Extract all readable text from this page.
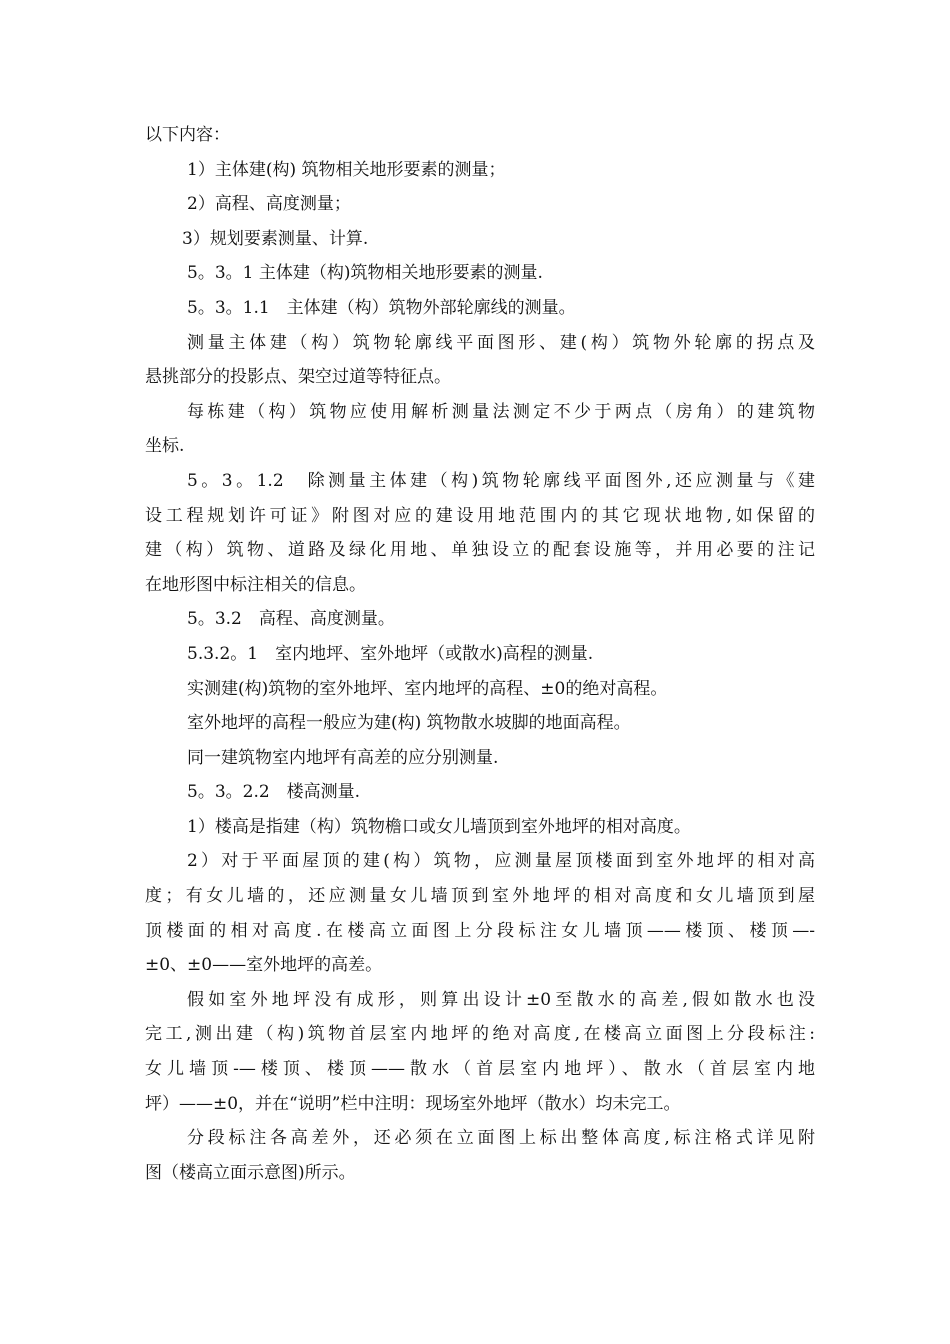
以下内容：
1）主体建(构) 筑物相关地形要素的测量；
2）高程、高度测量；
3）规划要素测量、计算.
5。3。1 主体建（构)筑物相关地形要素的测量.
5。3。1.1　主体建（构）筑物外部轮廓线的测量。
测量主体建（构）筑物轮廓线平面图形、建(构）筑物外轮廓的拐点及
悬挑部分的投影点、架空过道等特征点。
每栋建（构）筑物应使用解析测量法测定不少于两点（房角）的建筑物
坐标.
5。3。1.2　除测量主体建（构)筑物轮廓线平面图外,还应测量与《建
设工程规划许可证》附图对应的建设用地范围内的其它现状地物,如保留的
建（构）筑物、道路及绿化用地、单独设立的配套设施等，并用必要的注记
在地形图中标注相关的信息。
5。3.2　高程、高度测量。
5.3.2。1　室内地坪、室外地坪（或散水)高程的测量.
实测建(构)筑物的室外地坪、室内地坪的高程、±0的绝对高程。
室外地坪的高程一般应为建(构) 筑物散水坡脚的地面高程。
同一建筑物室内地坪有高差的应分别测量.
5。3。2.2　楼高测量.
1）楼高是指建（构）筑物檐口或女儿墙顶到室外地坪的相对高度。
2）对于平面屋顶的建(构）筑物，应测量屋顶楼面到室外地坪的相对高
度；有女儿墙的，还应测量女儿墙顶到室外地坪的相对高度和女儿墙顶到屋
顶楼面的相对高度.在楼高立面图上分段标注女儿墙顶——楼顶、楼顶—-
±0、±0——室外地坪的高差。
假如室外地坪没有成形，则算出设计±0至散水的高差,假如散水也没
完工,测出建（构)筑物首层室内地坪的绝对高度,在楼高立面图上分段标注:
女儿墙顶-—楼顶、楼顶——散水（首层室内地坪）、散水（首层室内地
坪）——±0，并在“说明”栏中注明：现场室外地坪（散水）均未完工。
分段标注各高差外，还必须在立面图上标出整体高度,标注格式详见附
图（楼高立面示意图)所示。
